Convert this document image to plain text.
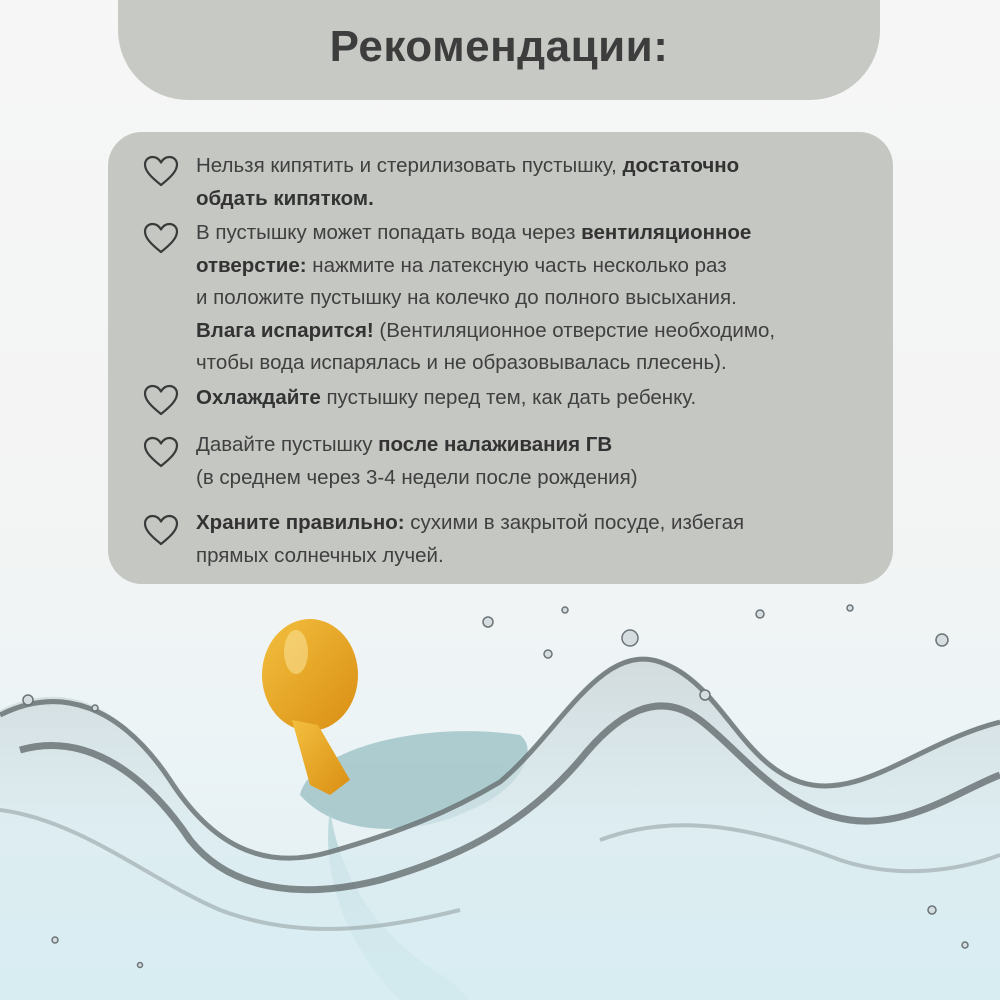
Рекомендации:
Нельзя кипятить и стерилизовать пустышку, достаточно
обдать кипятком.
В пустышку может попадать вода через вентиляционное
отверстие: нажмите на латексную часть несколько раз
и положите пустышку на колечко до полного высыхания.
Влага испарится! (Вентиляционное отверстие необходимо,
чтобы вода испарялась и не образовывалась плесень).
Охлаждайте пустышку перед тем, как дать ребенку.
Давайте пустышку после налаживания ГВ
(в среднем через 3-4 недели после рождения)
Храните правильно: сухими в закрытой посуде, избегая
прямых солнечных лучей.
